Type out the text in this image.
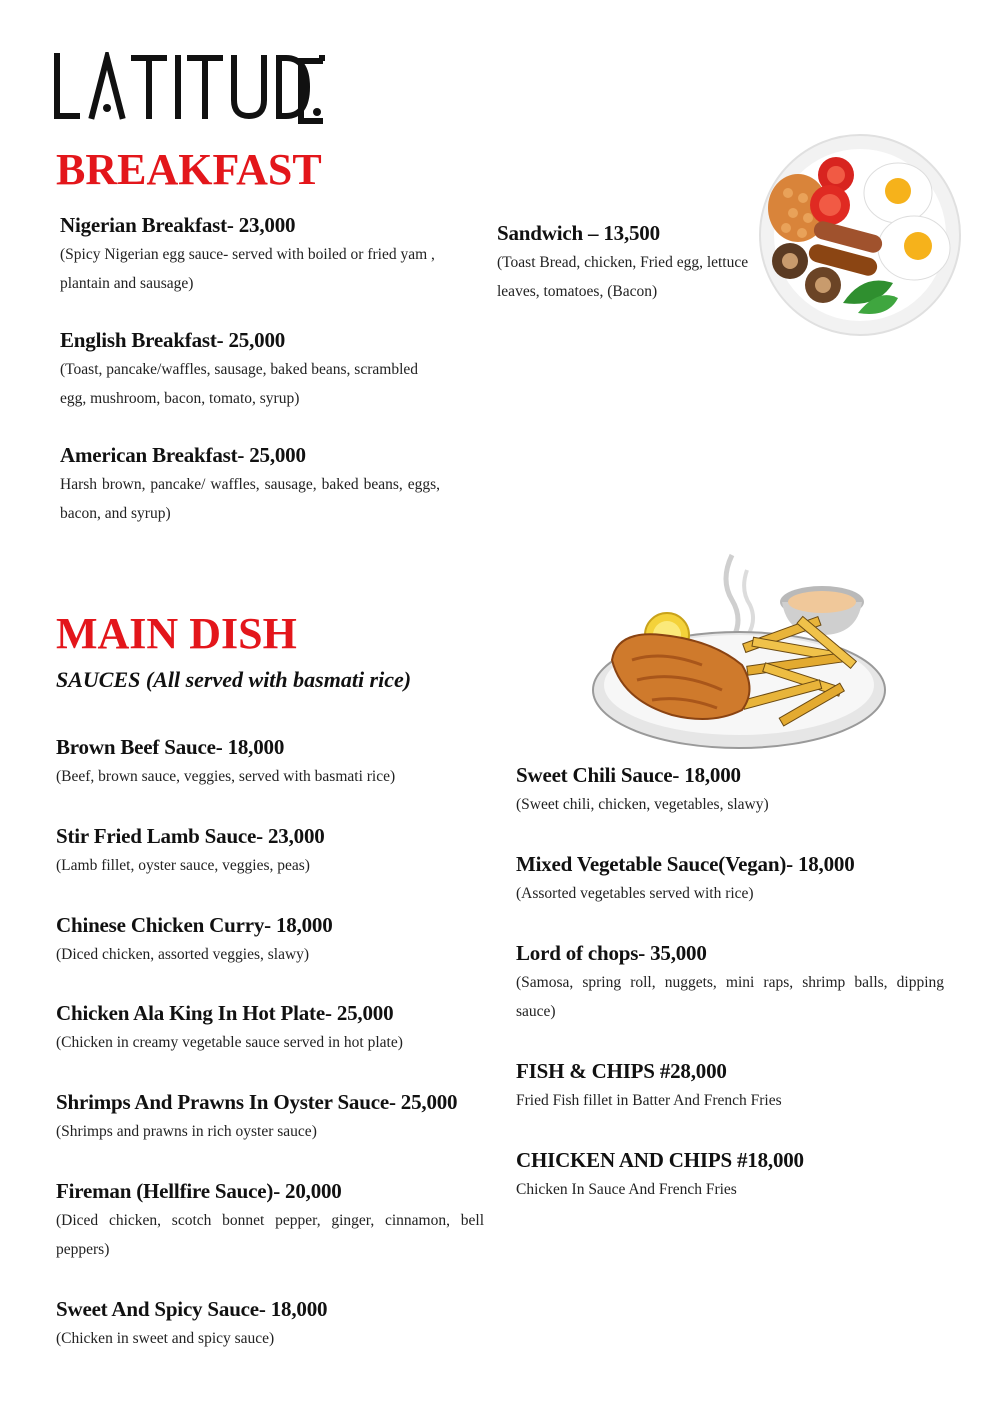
BREAKFAST
Nigerian Breakfast- 23,000
(Spicy Nigerian egg sauce- served with boiled or fried yam , plantain and sausage)
English Breakfast- 25,000
(Toast, pancake/waffles, sausage, baked beans, scrambled egg, mushroom, bacon, tomato, syrup)
American Breakfast- 25,000
Harsh brown, pancake/ waffles, sausage, baked beans, eggs, bacon, and syrup)
Sandwich – 13,500
(Toast Bread, chicken, Fried egg, lettuce leaves, tomatoes, (Bacon)
MAIN DISH
SAUCES (All served with basmati rice)
Brown Beef Sauce- 18,000
(Beef, brown sauce, veggies, served with basmati rice)
Stir Fried Lamb Sauce- 23,000
(Lamb fillet, oyster sauce, veggies, peas)
Chinese Chicken Curry- 18,000
(Diced chicken, assorted veggies, slawy)
Chicken Ala King In Hot Plate- 25,000
(Chicken in creamy vegetable sauce served in hot plate)
Shrimps And Prawns In Oyster Sauce- 25,000
(Shrimps and prawns in rich oyster sauce)
Fireman (Hellfire Sauce)- 20,000
(Diced chicken, scotch bonnet pepper, ginger, cinnamon, bell peppers)
Sweet And Spicy Sauce- 18,000
(Chicken in sweet and spicy sauce)
Sweet Chili Sauce- 18,000
(Sweet chili, chicken, vegetables, slawy)
Mixed Vegetable Sauce(Vegan)- 18,000
(Assorted vegetables served with rice)
Lord of chops- 35,000
(Samosa, spring roll, nuggets, mini raps, shrimp balls, dipping sauce)
FISH & CHIPS #28,000
Fried Fish fillet in Batter And French Fries
CHICKEN AND CHIPS #18,000
Chicken In Sauce And French Fries
